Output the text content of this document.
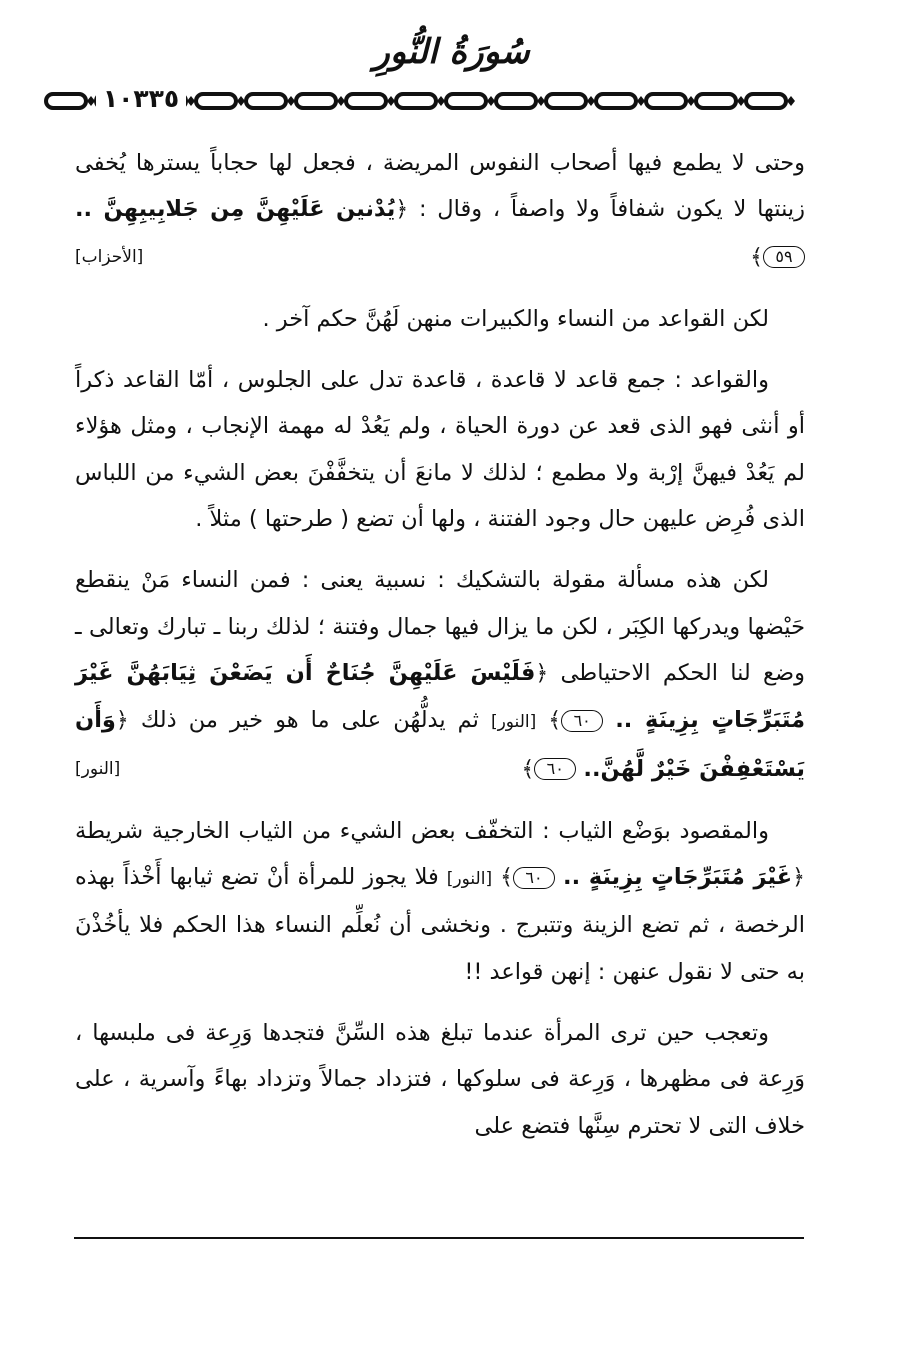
سُورَةُ النُّورِ
١٠٣٣٥

وحتى لا يطمع فيها أصحاب النفوس المريضة ، فجعل لها حجاباً يسترها يُخفى زينتها لا يكون شفافاً ولا واصفاً ، وقال : ﴿يُدْنين عَلَيْهِنَّ مِن جَلابِيبِهِنَّ .. ٥٩﴾
[الأحزاب]

لكن القواعد من النساء والكبيرات منهن لَهُنَّ حكم آخر .

والقواعد : جمع قاعد لا قاعدة ، قاعدة تدل على الجلوس ، أمّا القاعد ذكراً أو أنثى فهو الذى قعد عن دورة الحياة ، ولم يَعُدْ له مهمة الإنجاب ، ومثل هؤلاء لم يَعُدْ فيهنَّ إرْبة ولا مطمع ؛ لذلك لا مانعَ أن يتخفَّفْنَ بعض الشيء من اللباس الذى فُرِض عليهن حال وجود الفتنة ، ولها أن تضع ( طرحتها ) مثلاً .

لكن هذه مسألة مقولة بالتشكيك : نسبية يعنى : فمن النساء مَنْ ينقطع حَيْضها ويدركها الكِبَر ، لكن ما يزال فيها جمال وفتنة ؛ لذلك ربنا ـ تبارك وتعالى ـ وضع لنا الحكم الاحتياطى ﴿فَلَيْسَ عَلَيْهِنَّ جُنَاحٌ أَن يَضَعْنَ ثِيَابَهُنَّ غَيْرَ مُتَبَرِّجَاتٍ بِزِينَةٍ .. ٦٠﴾ [النور] ثم يدلُّهُن على ما هو خير من ذلك ﴿وَأَن يَسْتَعْفِفْنَ خَيْرٌ لَّهُنَّ.. ٦٠﴾
[النور]

والمقصود بوَضْع الثياب : التخفّف بعض الشيء من الثياب الخارجية شريطة ﴿غَيْرَ مُتَبَرِّجَاتٍ بِزِينَةٍ .. ٦٠﴾ [النور] فلا يجوز للمرأة أنْ تضع ثيابها أَخْذاً بهذه الرخصة ، ثم تضع الزينة وتتبرج . ونخشى أن نُعلِّم النساء هذا الحكم فلا يأخُذْنَ به حتى لا نقول عنهن : إنهن قواعد !!

وتعجب حين ترى المرأة عندما تبلغ هذه السِّنَّ فتجدها وَرِعة فى ملبسها ، وَرِعة فى مظهرها ، وَرِعة فى سلوكها ، فتزداد جمالاً وتزداد بهاءً وآسرية ، على خلاف التى لا تحترم سِنَّها فتضع على
